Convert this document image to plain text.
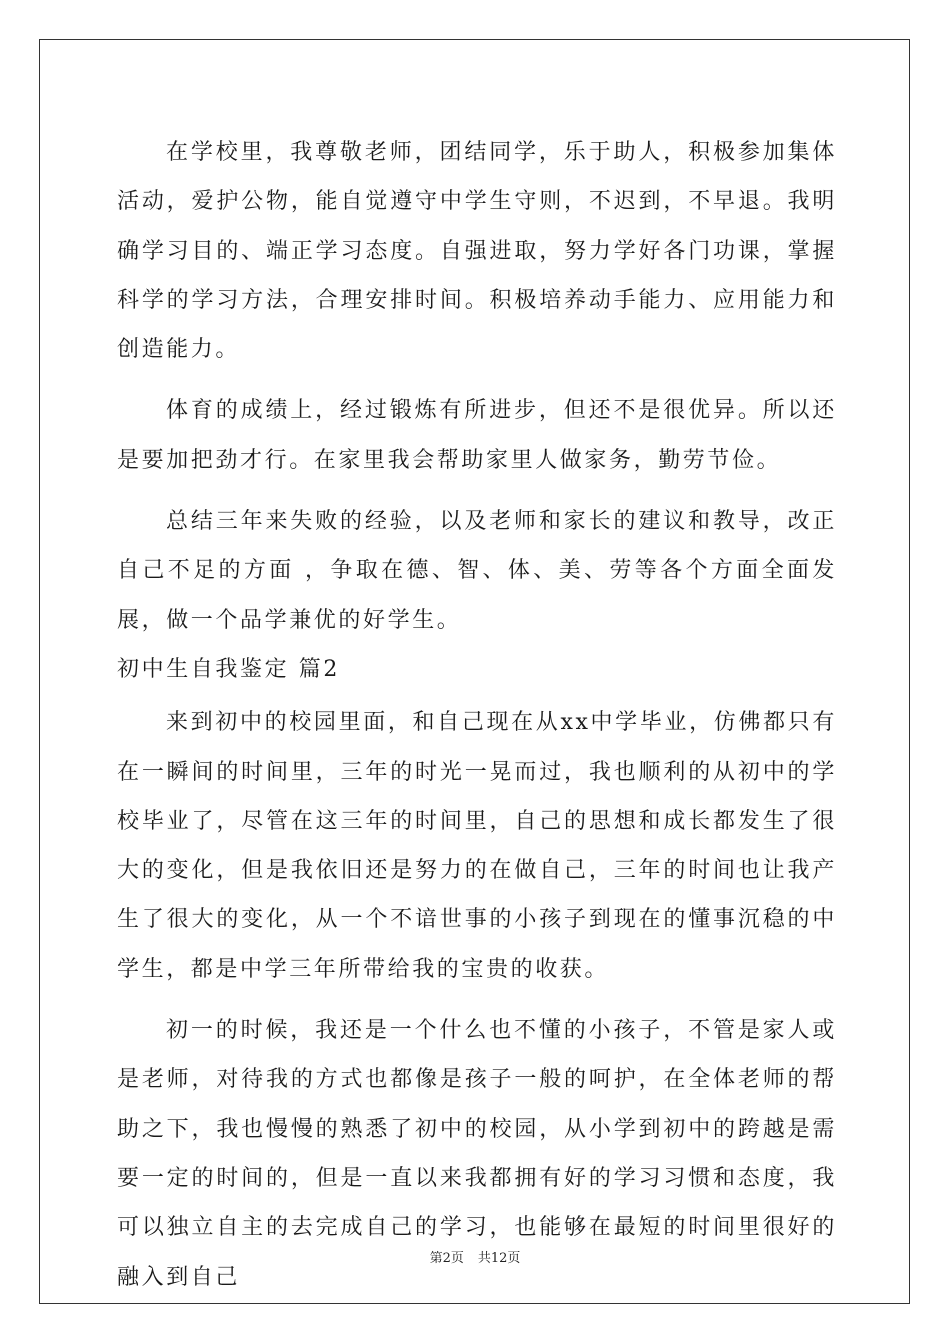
在学校里，我尊敬老师，团结同学，乐于助人，积极参加集体活动，爱护公物，能自觉遵守中学生守则，不迟到，不早退。我明确学习目的、端正学习态度。自强进取，努力学好各门功课，掌握科学的学习方法，合理安排时间。积极培养动手能力、应用能力和创造能力。

体育的成绩上，经过锻炼有所进步，但还不是很优异。所以还是要加把劲才行。在家里我会帮助家里人做家务，勤劳节俭。

总结三年来失败的经验，以及老师和家长的建议和教导，改正自己不足的方面 ，争取在德、智、体、美、劳等各个方面全面发展，做一个品学兼优的好学生。

初中生自我鉴定 篇2

来到初中的校园里面，和自己现在从xx中学毕业，仿佛都只有在一瞬间的时间里，三年的时光一晃而过，我也顺利的从初中的学校毕业了，尽管在这三年的时间里，自己的思想和成长都发生了很大的变化，但是我依旧还是努力的在做自己，三年的时间也让我产生了很大的变化，从一个不谙世事的小孩子到现在的懂事沉稳的中学生，都是中学三年所带给我的宝贵的收获。

初一的时候，我还是一个什么也不懂的小孩子，不管是家人或是老师，对待我的方式也都像是孩子一般的呵护，在全体老师的帮助之下，我也慢慢的熟悉了初中的校园，从小学到初中的跨越是需要一定的时间的，但是一直以来我都拥有好的学习习惯和态度，我可以独立自主的去完成自己的学习，也能够在最短的时间里很好的融入到自己

第2页 共12页
